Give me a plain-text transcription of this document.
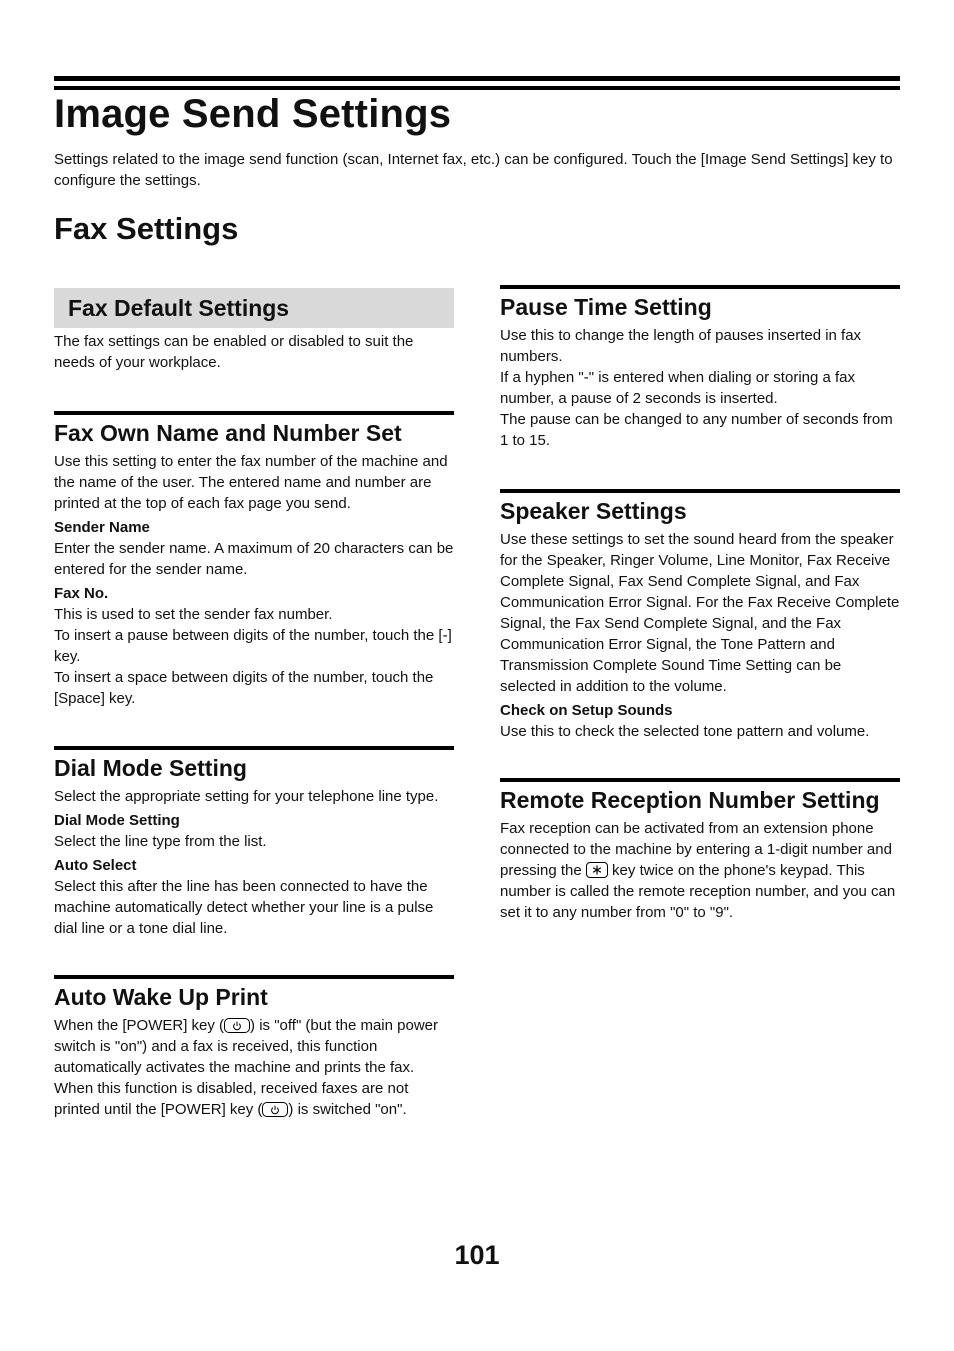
Image Send Settings

Settings related to the image send function (scan, Internet fax, etc.) can be configured. Touch the [Image Send Settings] key to configure the settings.

Fax Settings
Fax Default Settings

The fax settings can be enabled or disabled to suit the needs of your workplace.

Fax Own Name and Number Set

Use this setting to enter the fax number of the machine and the name of the user. The entered name and number are printed at the top of each fax page you send.

Sender Name

Enter the sender name. A maximum of 20 characters can be entered for the sender name.

Fax No.

This is used to set the sender fax number.

To insert a pause between digits of the number, touch the [-] key.

To insert a space between digits of the number, touch the [Space] key.

Dial Mode Setting

Select the appropriate setting for your telephone line type.

Dial Mode Setting

Select the line type from the list.

Auto Select

Select this after the line has been connected to have the machine automatically detect whether your line is a pulse dial line or a tone dial line.

Auto Wake Up Print

When the [POWER] key ( ) is "off" (but the main power switch is "on") and a fax is received, this function automatically activates the machine and prints the fax. When this function is disabled, received faxes are not printed until the [POWER] key ( ) is switched "on".

Pause Time Setting

Use this to change the length of pauses inserted in fax numbers.

If a hyphen "-" is entered when dialing or storing a fax number, a pause of 2 seconds is inserted.

The pause can be changed to any number of seconds from 1 to 15.

Speaker Settings

Use these settings to set the sound heard from the speaker for the Speaker, Ringer Volume, Line Monitor, Fax Receive Complete Signal, Fax Send Complete Signal, and Fax Communication Error Signal. For the Fax Receive Complete Signal, the Fax Send Complete Signal, and the Fax Communication Error Signal, the Tone Pattern and Transmission Complete Sound Time Setting can be selected in addition to the volume.

Check on Setup Sounds

Use this to check the selected tone pattern and volume.

Remote Reception Number Setting

Fax reception can be activated from an extension phone connected to the machine by entering a 1-digit number and pressing the
key twice on the phone's keypad. This number is called the remote reception number, and you can set it to any number from "0" to "9".

101
